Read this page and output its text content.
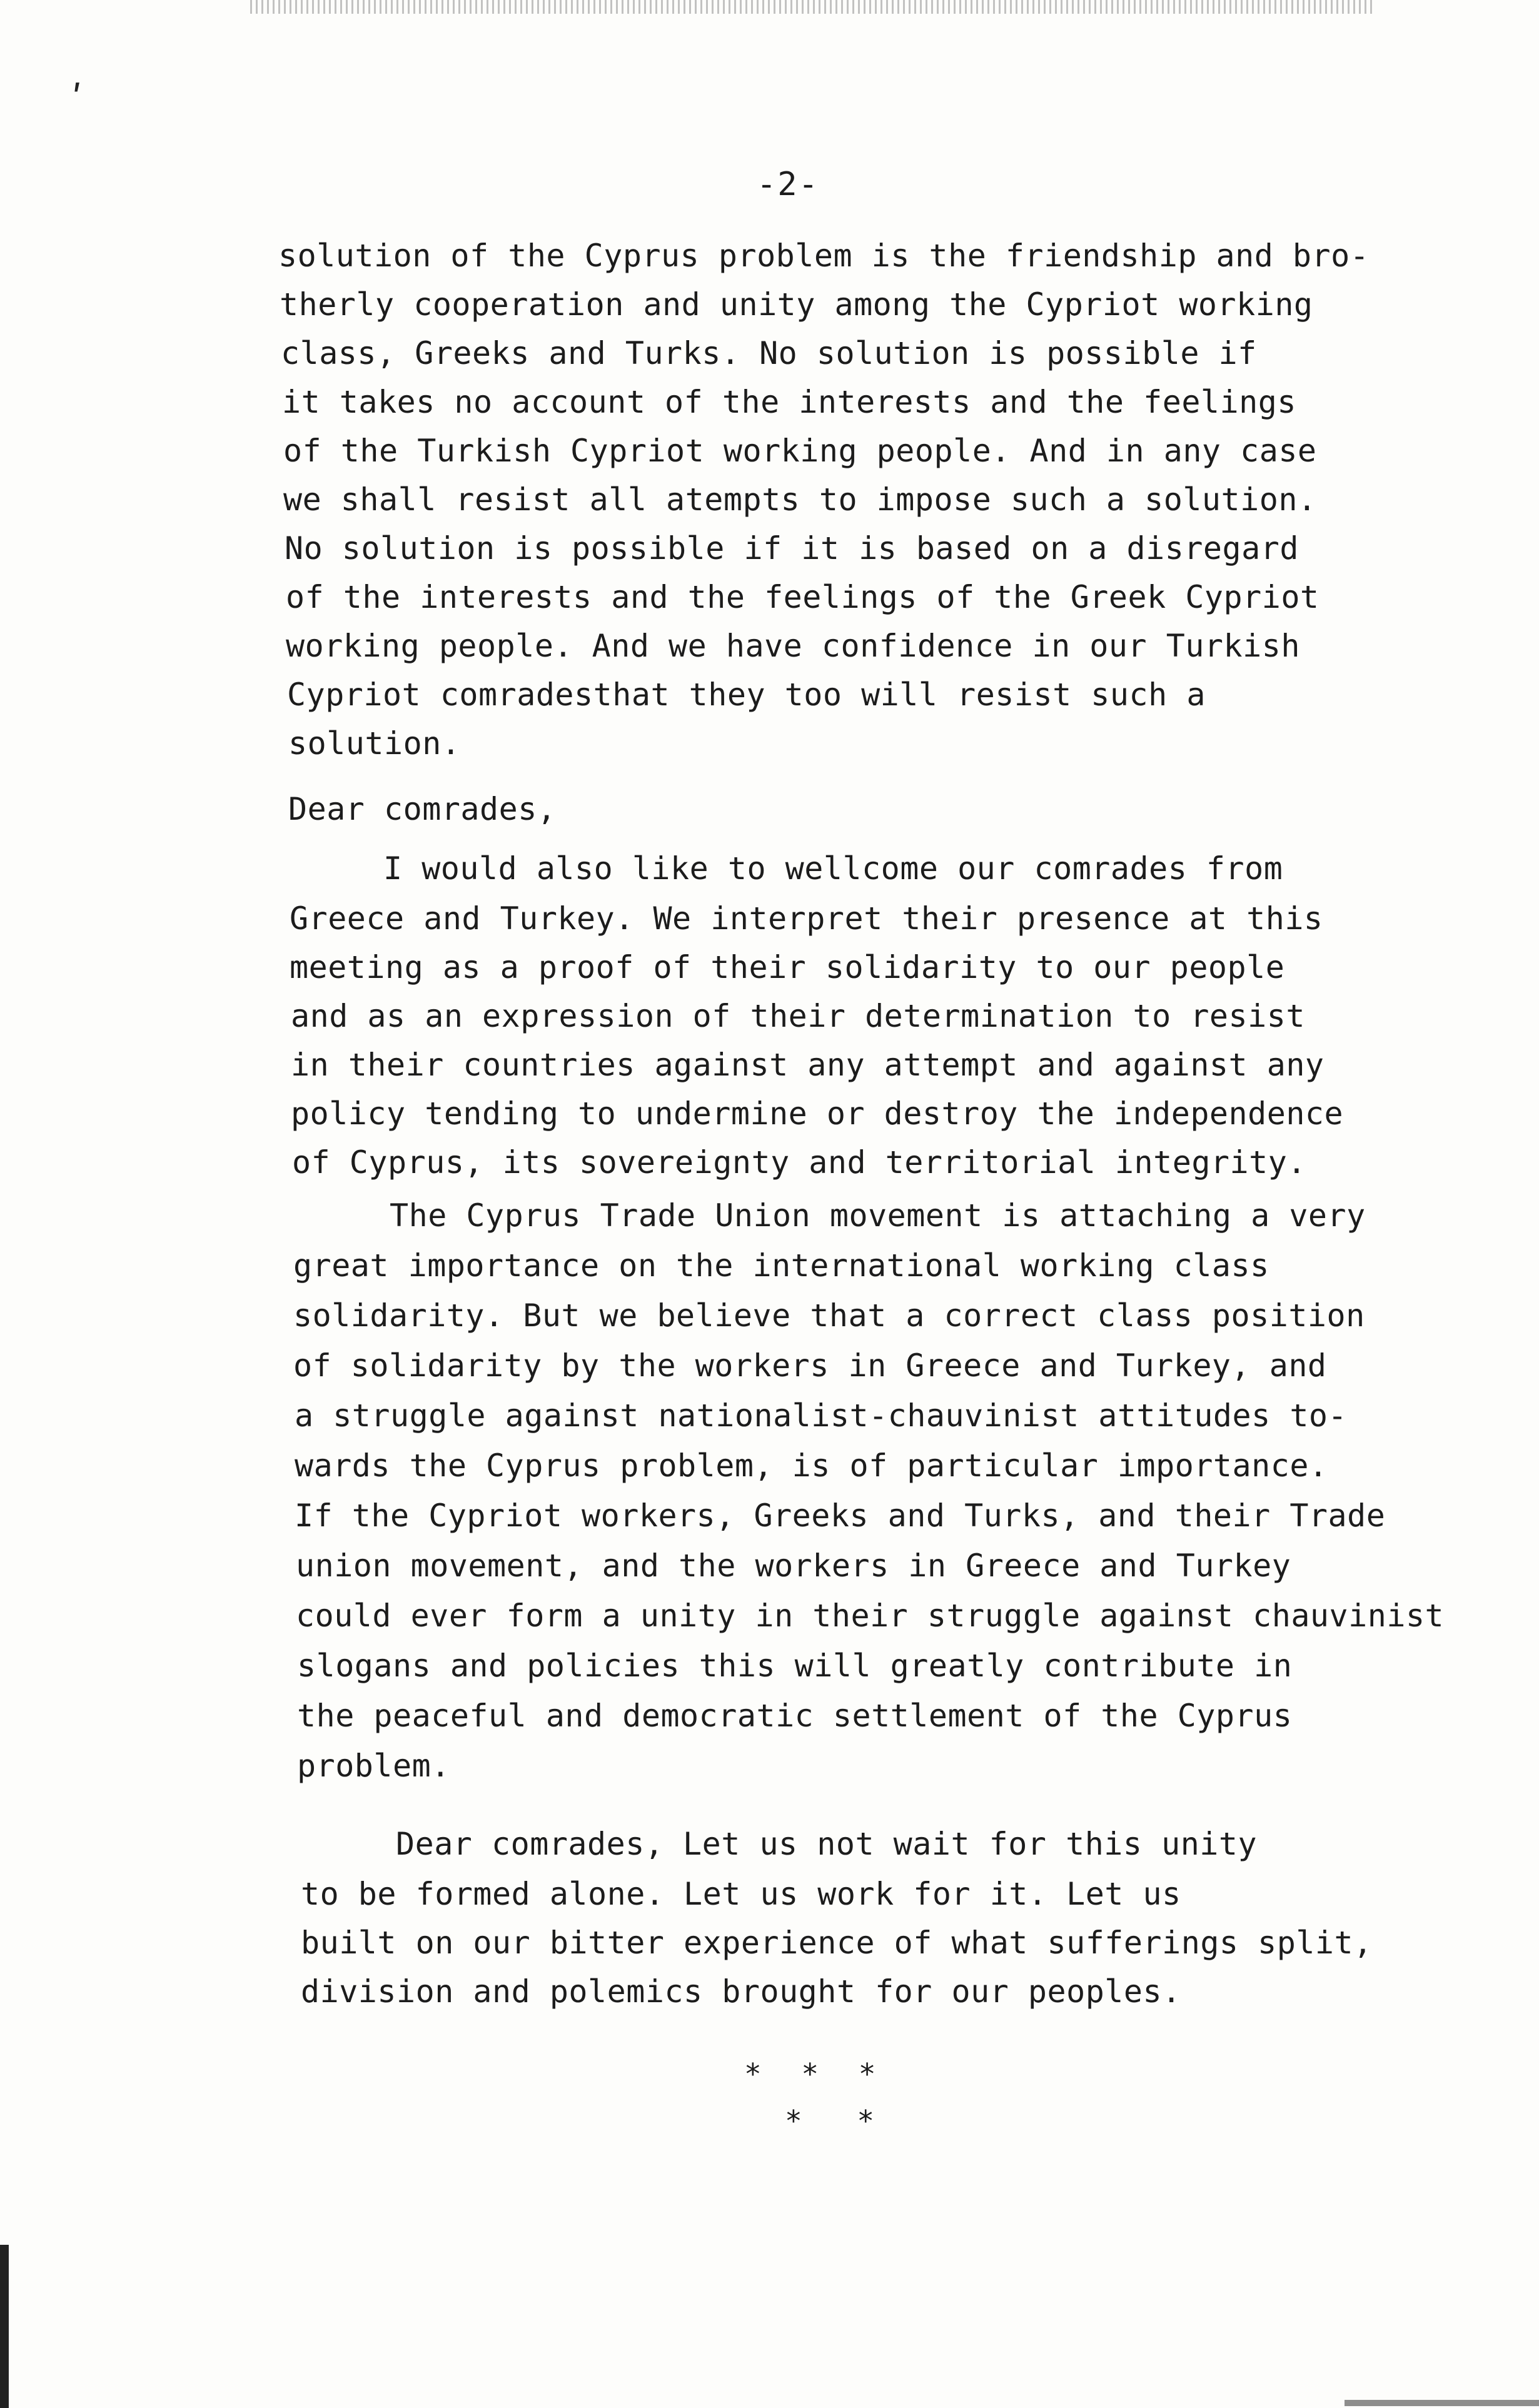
ʹ
-2-
solution of the Cyprus problem is the friendship and bro-
therly cooperation and unity among the Cypriot working
class, Greeks and Turks. No solution is possible if
it takes no account of the interests and the feelings
of the Turkish Cypriot working people. And in any case
we shall resist all atempts to impose such a solution.
No solution is possible if it is based on a disregard
of the interests and the feelings of the Greek Cypriot
working people. And we have confidence in our Turkish
Cypriot comradesthat they too will resist such a
solution.
Dear comrades,
I would also like to wellcome our comrades from
Greece and Turkey. We interpret their presence at this
meeting as a proof of their solidarity to our people
and as an expression of their determination to resist
in their countries against any attempt and against any
policy tending to undermine or destroy the independence
of Cyprus, its sovereignty and territorial integrity.
The Cyprus Trade Union movement is attaching a very
great importance on the international working class
solidarity. But we believe that a correct class position
of solidarity by the workers in Greece and Turkey, and
a struggle against nationalist-chauvinist attitudes to-
wards the Cyprus problem, is of particular importance.
If the Cypriot workers, Greeks and Turks, and their Trade
union movement, and the workers in Greece and Turkey
could ever form a unity in their struggle against chauvinist
slogans and policies this will greatly contribute in
the peaceful and democratic settlement of the Cyprus
problem.
Dear comrades, Let us not wait for this unity
to be formed alone. Let us work for it. Let us
built on our bitter experience of what sufferings split,
division and polemics brought for our peoples.
* * *
* *
